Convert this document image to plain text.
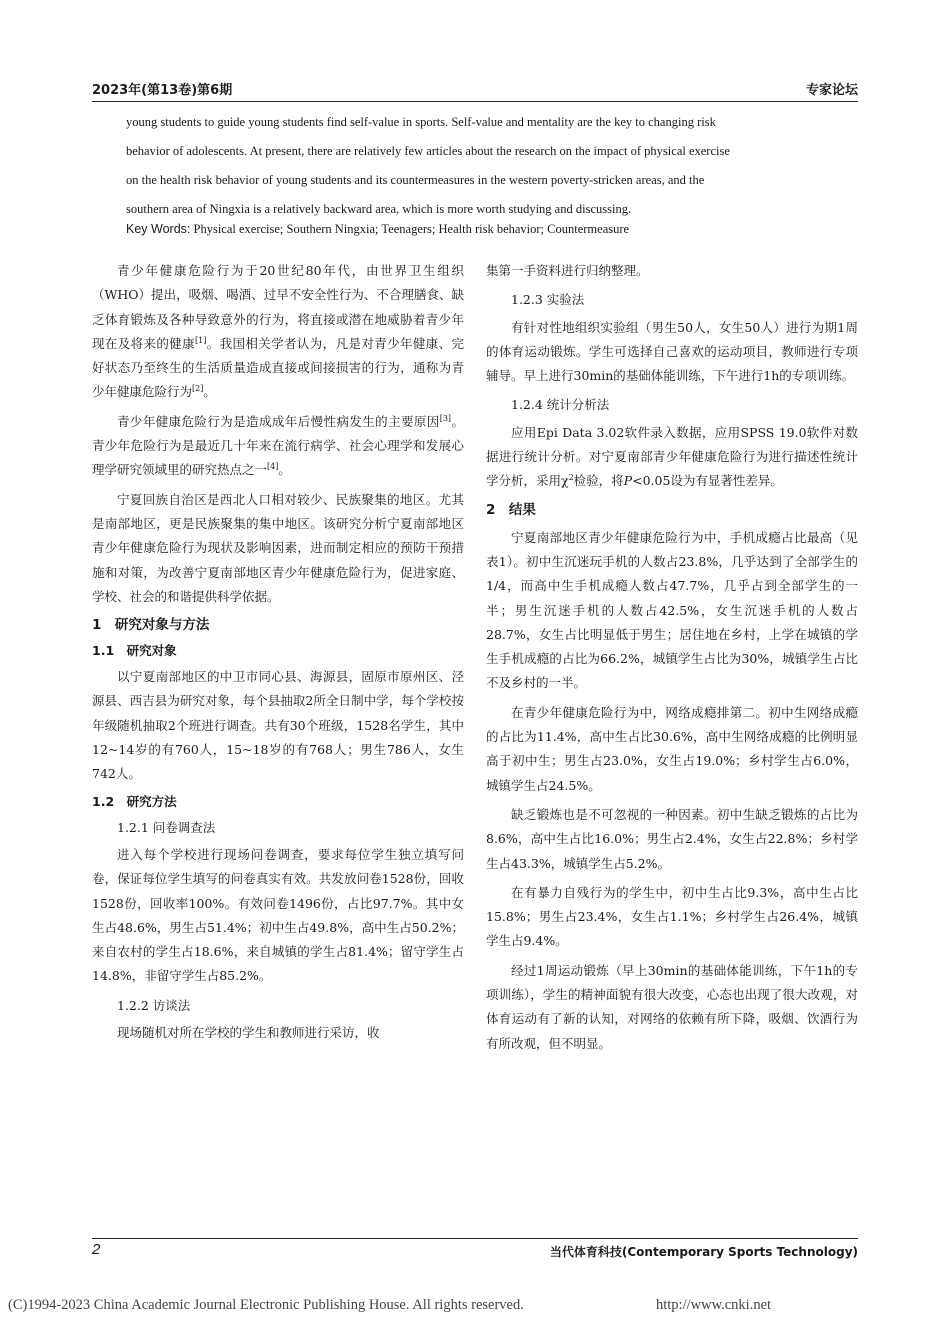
2023年(第13卷)第6期	专家论坛

young students to guide young students find self-value in sports. Self-value and mentality are the key to changing risk

behavior of adolescents. At present, there are relatively few articles about the research on the impact of physical exercise

on the health risk behavior of young students and its countermeasures in the western poverty-stricken areas, and the

southern area of Ningxia is a relatively backward area, which is more worth studying and discussing.

Key Words: Physical exercise; Southern Ningxia; Teenagers; Health risk behavior; Countermeasure

青少年健康危险行为于20世纪80年代，由世界卫生组织（WHO）提出，吸烟、喝酒、过早不安全性行为、不合理膳食、缺乏体育锻炼及各种导致意外的行为，将直接或潜在地威胁着青少年现在及将来的健康[1]。我国相关学者认为，凡是对青少年健康、完好状态乃至终生的生活质量造成直接或间接损害的行为，通称为青少年健康危险行为[2]。

青少年健康危险行为是造成成年后慢性病发生的主要原因[3]。青少年危险行为是最近几十年来在流行病学、社会心理学和发展心理学研究领域里的研究热点之一[4]。

宁夏回族自治区是西北人口相对较少、民族聚集的地区。尤其是南部地区，更是民族聚集的集中地区。该研究分析宁夏南部地区青少年健康危险行为现状及影响因素，进而制定相应的预防干预措施和对策，为改善宁夏南部地区青少年健康危险行为，促进家庭、学校、社会的和谐提供科学依据。

1　研究对象与方法
1.1　研究对象

以宁夏南部地区的中卫市同心县、海源县，固原市原州区、泾源县、西吉县为研究对象，每个县抽取2所全日制中学，每个学校按年级随机抽取2个班进行调查。共有30个班级，1528名学生，其中12~14岁的有760人，15~18岁的有768人；男生786人，女生742人。

1.2　研究方法
1.2.1 问卷调查法

进入每个学校进行现场问卷调查，要求每位学生独立填写问卷，保证每位学生填写的问卷真实有效。共发放问卷1528份，回收1528份，回收率100%。有效问卷1496份，占比97.7%。其中女生占48.6%，男生占51.4%；初中生占49.8%，高中生占50.2%；来自农村的学生占18.6%，来自城镇的学生占81.4%；留守学生占14.8%，非留守学生占85.2%。

1.2.2 访谈法

现场随机对所在学校的学生和教师进行采访，收

集第一手资料进行归纳整理。

1.2.3 实验法

有针对性地组织实验组（男生50人，女生50人）进行为期1周的体育运动锻炼。学生可选择自己喜欢的运动项目，教师进行专项辅导。早上进行30min的基础体能训练，下午进行1h的专项训练。

1.2.4 统计分析法

应用Epi Data 3.02软件录入数据，应用SPSS 19.0软件对数据进行统计分析。对宁夏南部青少年健康危险行为进行描述性统计学分析，采用$\chi^2$检验，将P<0.05设为有显著性差异。

2　结果

宁夏南部地区青少年健康危险行为中，手机成瘾占比最高（见表1）。初中生沉迷玩手机的人数占23.8%，几乎达到了全部学生的1/4，而高中生手机成瘾人数占47.7%，几乎占到全部学生的一半；男生沉迷手机的人数占42.5%，女生沉迷手机的人数占28.7%，女生占比明显低于男生；居住地在乡村，上学在城镇的学生手机成瘾的占比为66.2%，城镇学生占比为30%，城镇学生占比不及乡村的一半。

在青少年健康危险行为中，网络成瘾排第二。初中生网络成瘾的占比为11.4%，高中生占比30.6%，高中生网络成瘾的比例明显高于初中生；男生占23.0%，女生占19.0%；乡村学生占6.0%，城镇学生占24.5%。

缺乏锻炼也是不可忽视的一种因素。初中生缺乏锻炼的占比为8.6%，高中生占比16.0%；男生占2.4%，女生占22.8%；乡村学生占43.3%，城镇学生占5.2%。

在有暴力自残行为的学生中，初中生占比9.3%，高中生占比15.8%；男生占23.4%，女生占1.1%；乡村学生占26.4%，城镇学生占9.4%。

经过1周运动锻炼（早上30min的基础体能训练，下午1h的专项训练），学生的精神面貌有很大改变，心态也出现了很大改观，对体育运动有了新的认知，对网络的依赖有所下降，吸烟、饮酒行为有所改观，但不明显。

2	当代体育科技(Contemporary Sports Technology)
(C)1994-2023 China Academic Journal Electronic Publishing House. All rights reserved.	http://www.cnki.net
